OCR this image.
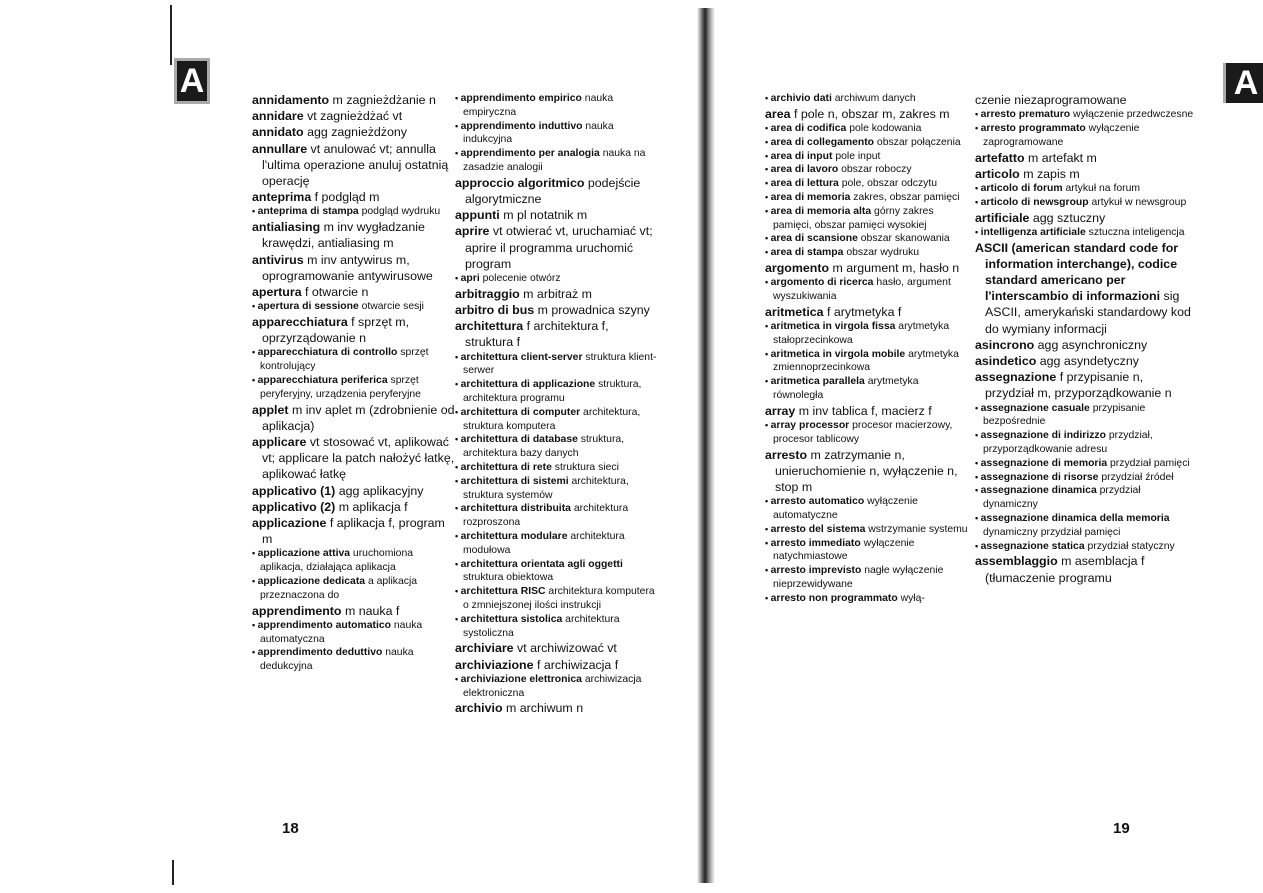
A	A

annidamento m zagnieżdżanie n

annidare vt zagnieżdżać vt

annidato agg zagnieżdżony

annullare vt anulować vt; annulla l'ultima operazione anuluj ostatnią operację

anteprima f podgląd m

• anteprima di stampa podgląd wydruku

antialiasing m inv wygładzanie krawędzi, antialiasing m

antivirus m inv antywirus m, oprogramowanie antywirusowe

apertura f otwarcie n

• apertura di sessione otwarcie sesji

apparecchiatura f sprzęt m, oprzyrządowanie n

• apparecchiatura di controllo sprzęt kontrolujący

• apparecchiatura periferica sprzęt peryferyjny, urządzenia peryferyjne

applet m inv aplet m (zdrobnienie od aplikacja)

applicare vt stosować vt, aplikować vt; applicare la patch nałożyć łatkę, aplikować łatkę

applicativo (1) agg aplikacyjny

applicativo (2) m aplikacja f

applicazione f aplikacja f, program m

• applicazione attiva uruchomiona aplikacja, działająca aplikacja

• applicazione dedicata a aplikacja przeznaczona do

apprendimento m nauka f

• apprendimento automatico nauka automatyczna

• apprendimento deduttivo nauka dedukcyjna

• apprendimento empirico nauka empiryczna

• apprendimento induttivo nauka indukcyjna

• apprendimento per analogia nauka na zasadzie analogii

approccio algoritmico podejście algorytmiczne

appunti m pl notatnik m

aprire vt otwierać vt, uruchamiać vt; aprire il programma uruchomić program

• apri polecenie otwórz

arbitraggio m arbitraż m

arbitro di bus m prowadnica szyny

architettura f architektura f, struktura f

• architettura client-server struktura klient-serwer

• architettura di applicazione struktura, architektura programu

• architettura di computer architektura, struktura komputera

• architettura di database struktura, architektura bazy danych

• architettura di rete struktura sieci

• architettura di sistemi architektura, struktura systemów

• architettura distribuita architektura rozproszona

• architettura modulare architektura modułowa

• architettura orientata agli oggetti struktura obiektowa

• architettura RISC architektura komputera o zmniejszonej ilości instrukcji

• architettura sistolica architektura systoliczna

archiviare vt archiwizować vt

archiviazione f archiwizacja f

• archiviazione elettronica archiwizacja elektroniczna

archivio m archiwum n

• archivio dati archiwum danych

area f pole n, obszar m, zakres m

• area di codifica pole kodowania

• area di collegamento obszar połączenia

• area di input pole input

• area di lavoro obszar roboczy

• area di lettura pole, obszar odczytu

• area di memoria zakres, obszar pamięci

• area di memoria alta górny zakres pamięci, obszar pamięci wysokiej

• area di scansione obszar skanowania

• area di stampa obszar wydruku

argomento m argument m, hasło n

• argomento di ricerca hasło, argument wyszukiwania

aritmetica f arytmetyka f

• aritmetica in virgola fissa arytmetyka stałoprzecinkowa

• aritmetica in virgola mobile arytmetyka zmiennoprzecinkowa

• aritmetica parallela arytmetyka równoległa

array m inv tablica f, macierz f

• array processor procesor macierzowy, procesor tablicowy

arresto m zatrzymanie n, unieruchomienie n, wyłączenie n, stop m

• arresto automatico wyłączenie automatyczne

• arresto del sistema wstrzymanie systemu

• arresto immediato wyłączenie natychmiastowe

• arresto imprevisto nagłe wyłączenie nieprzewidywane

• arresto non programmato wyłą-

czenie niezaprogramowane

• arresto prematuro wyłączenie przedwczesne

• arresto programmato wyłączenie zaprogramowane

artefatto m artefakt m

articolo m zapis m

• articolo di forum artykuł na forum

• articolo di newsgroup artykuł w newsgroup

artificiale agg sztuczny

• intelligenza artificiale sztuczna inteligencja

ASCII (american standard code for information interchange), codice standard americano per l'interscambio di informazioni sig ASCII, amerykański standardowy kod do wymiany informacji

asincrono agg asynchroniczny

asindetico agg asyndetyczny

assegnazione f przypisanie n, przydział m, przyporządkowanie n

• assegnazione casuale przypisanie bezpośrednie

• assegnazione di indirizzo przydział, przyporządkowanie adresu

• assegnazione di memoria przydział pamięci

• assegnazione di risorse przydział źródeł

• assegnazione dinamica przydział dynamiczny

• assegnazione dinamica della memoria dynamiczny przydział pamięci

• assegnazione statica przydział statyczny

assemblaggio m asemblacja f (tłumaczenie programu

18	19
